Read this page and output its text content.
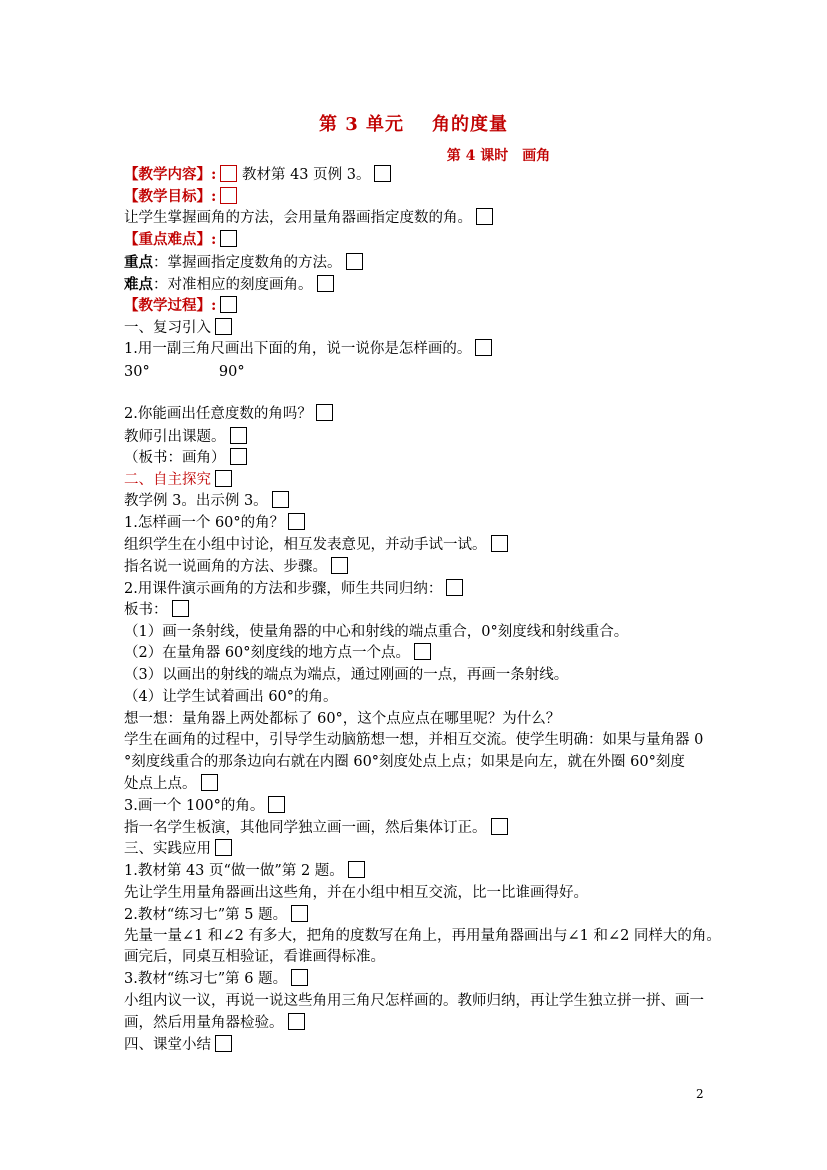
第 3 单元 角的度量
第 4 课时　画角
【教学内容】: 教材第 43 页例 3。
【教学目标】:
让学生掌握画角的方法，会用量角器画指定度数的角。
【重点难点】:
重点：掌握画指定度数角的方法。
难点：对准相应的刻度画角。
【教学过程】:
一、复习引入
1.用一副三角尺画出下面的角，说一说你是怎样画的。
30°	90°
2.你能画出任意度数的角吗？
教师引出课题。
（板书：画角）
二、自主探究
教学例 3。出示例 3。
1.怎样画一个 60°的角？
组织学生在小组中讨论，相互发表意见，并动手试一试。
指名说一说画角的方法、步骤。
2.用课件演示画角的方法和步骤，师生共同归纳：
板书：
（1）画一条射线，使量角器的中心和射线的端点重合，0°刻度线和射线重合。
（2）在量角器 60°刻度线的地方点一个点。
（3）以画出的射线的端点为端点，通过刚画的一点，再画一条射线。
（4）让学生试着画出 60°的角。
想一想：量角器上两处都标了 60°，这个点应点在哪里呢？为什么？
学生在画角的过程中，引导学生动脑筋想一想，并相互交流。使学生明确：如果与量角器 0
°刻度线重合的那条边向右就在内圈 60°刻度处点上点；如果是向左，就在外圈 60°刻度
处点上点。
3.画一个 100°的角。
指一名学生板演，其他同学独立画一画，然后集体订正。
三、实践应用
1.教材第 43 页“做一做”第 2 题。
先让学生用量角器画出这些角，并在小组中相互交流，比一比谁画得好。
2.教材“练习七”第 5 题。
先量一量∠1 和∠2 有多大，把角的度数写在角上，再用量角器画出与∠1 和∠2 同样大的角。
画完后，同桌互相验证，看谁画得标准。
3.教材“练习七”第 6 题。
小组内议一议，再说一说这些角用三角尺怎样画的。教师归纳，再让学生独立拼一拼、画一
画，然后用量角器检验。
四、课堂小结
2
